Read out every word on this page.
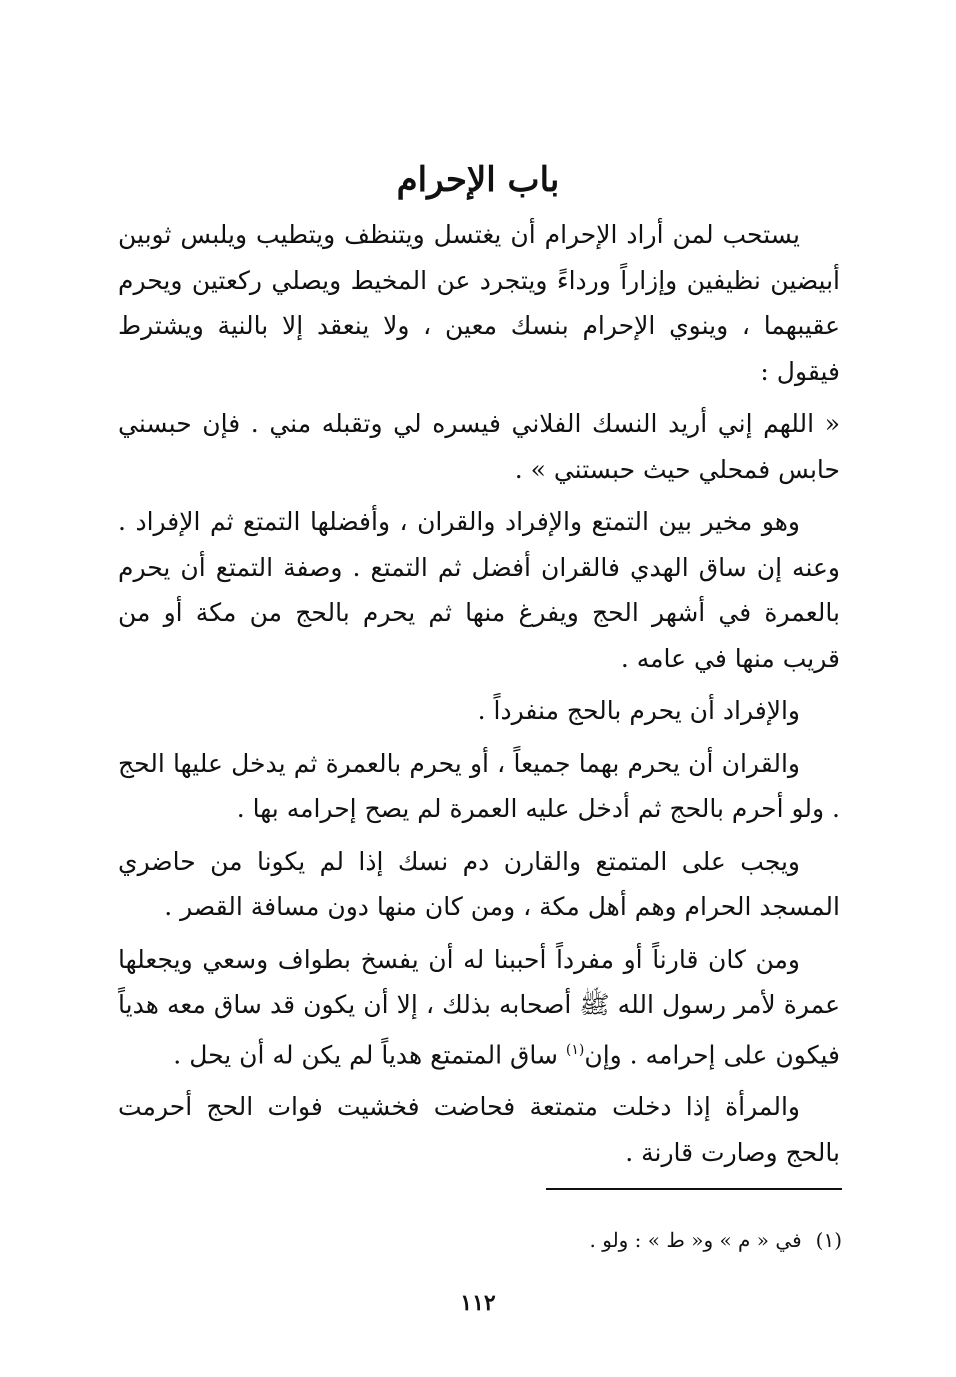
باب الإحرام

يستحب لمن أراد الإحرام أن يغتسل ويتنظف ويتطيب ويلبس ثوبين أبيضين نظيفين وإزاراً ورداءً ويتجرد عن المخيط ويصلي ركعتين ويحرم عقيبهما ، وينوي الإحرام بنسك معين ، ولا ينعقد إلا بالنية ويشترط فيقول :

« اللهم إني أريد النسك الفلاني فيسره لي وتقبله مني . فإن حبسني حابس فمحلي حيث حبستني » .

وهو مخير بين التمتع والإفراد والقران ، وأفضلها التمتع ثم الإفراد . وعنه إن ساق الهدي فالقران أفضل ثم التمتع . وصفة التمتع أن يحرم بالعمرة في أشهر الحج ويفرغ منها ثم يحرم بالحج من مكة أو من قريب منها في عامه .

والإفراد أن يحرم بالحج منفرداً .

والقران أن يحرم بهما جميعاً ، أو يحرم بالعمرة ثم يدخل عليها الحج . ولو أحرم بالحج ثم أدخل عليه العمرة لم يصح إحرامه بها .

ويجب على المتمتع والقارن دم نسك إذا لم يكونا من حاضري المسجد الحرام وهم أهل مكة ، ومن كان منها دون مسافة القصر .

ومن كان قارناً أو مفرداً أحببنا له أن يفسخ بطواف وسعي ويجعلها عمرة لأمر رسول الله ﷺ أصحابه بذلك ، إلا أن يكون قد ساق معه هدياً فيكون على إحرامه . وإن$^{(١)}$ ساق المتمتع هدياً لم يكن له أن يحل .

والمرأة إذا دخلت متمتعة فحاضت فخشيت فوات الحج أحرمت بالحج وصارت قارنة .

(١)في « م » و« ط » : ولو .
١١٢
